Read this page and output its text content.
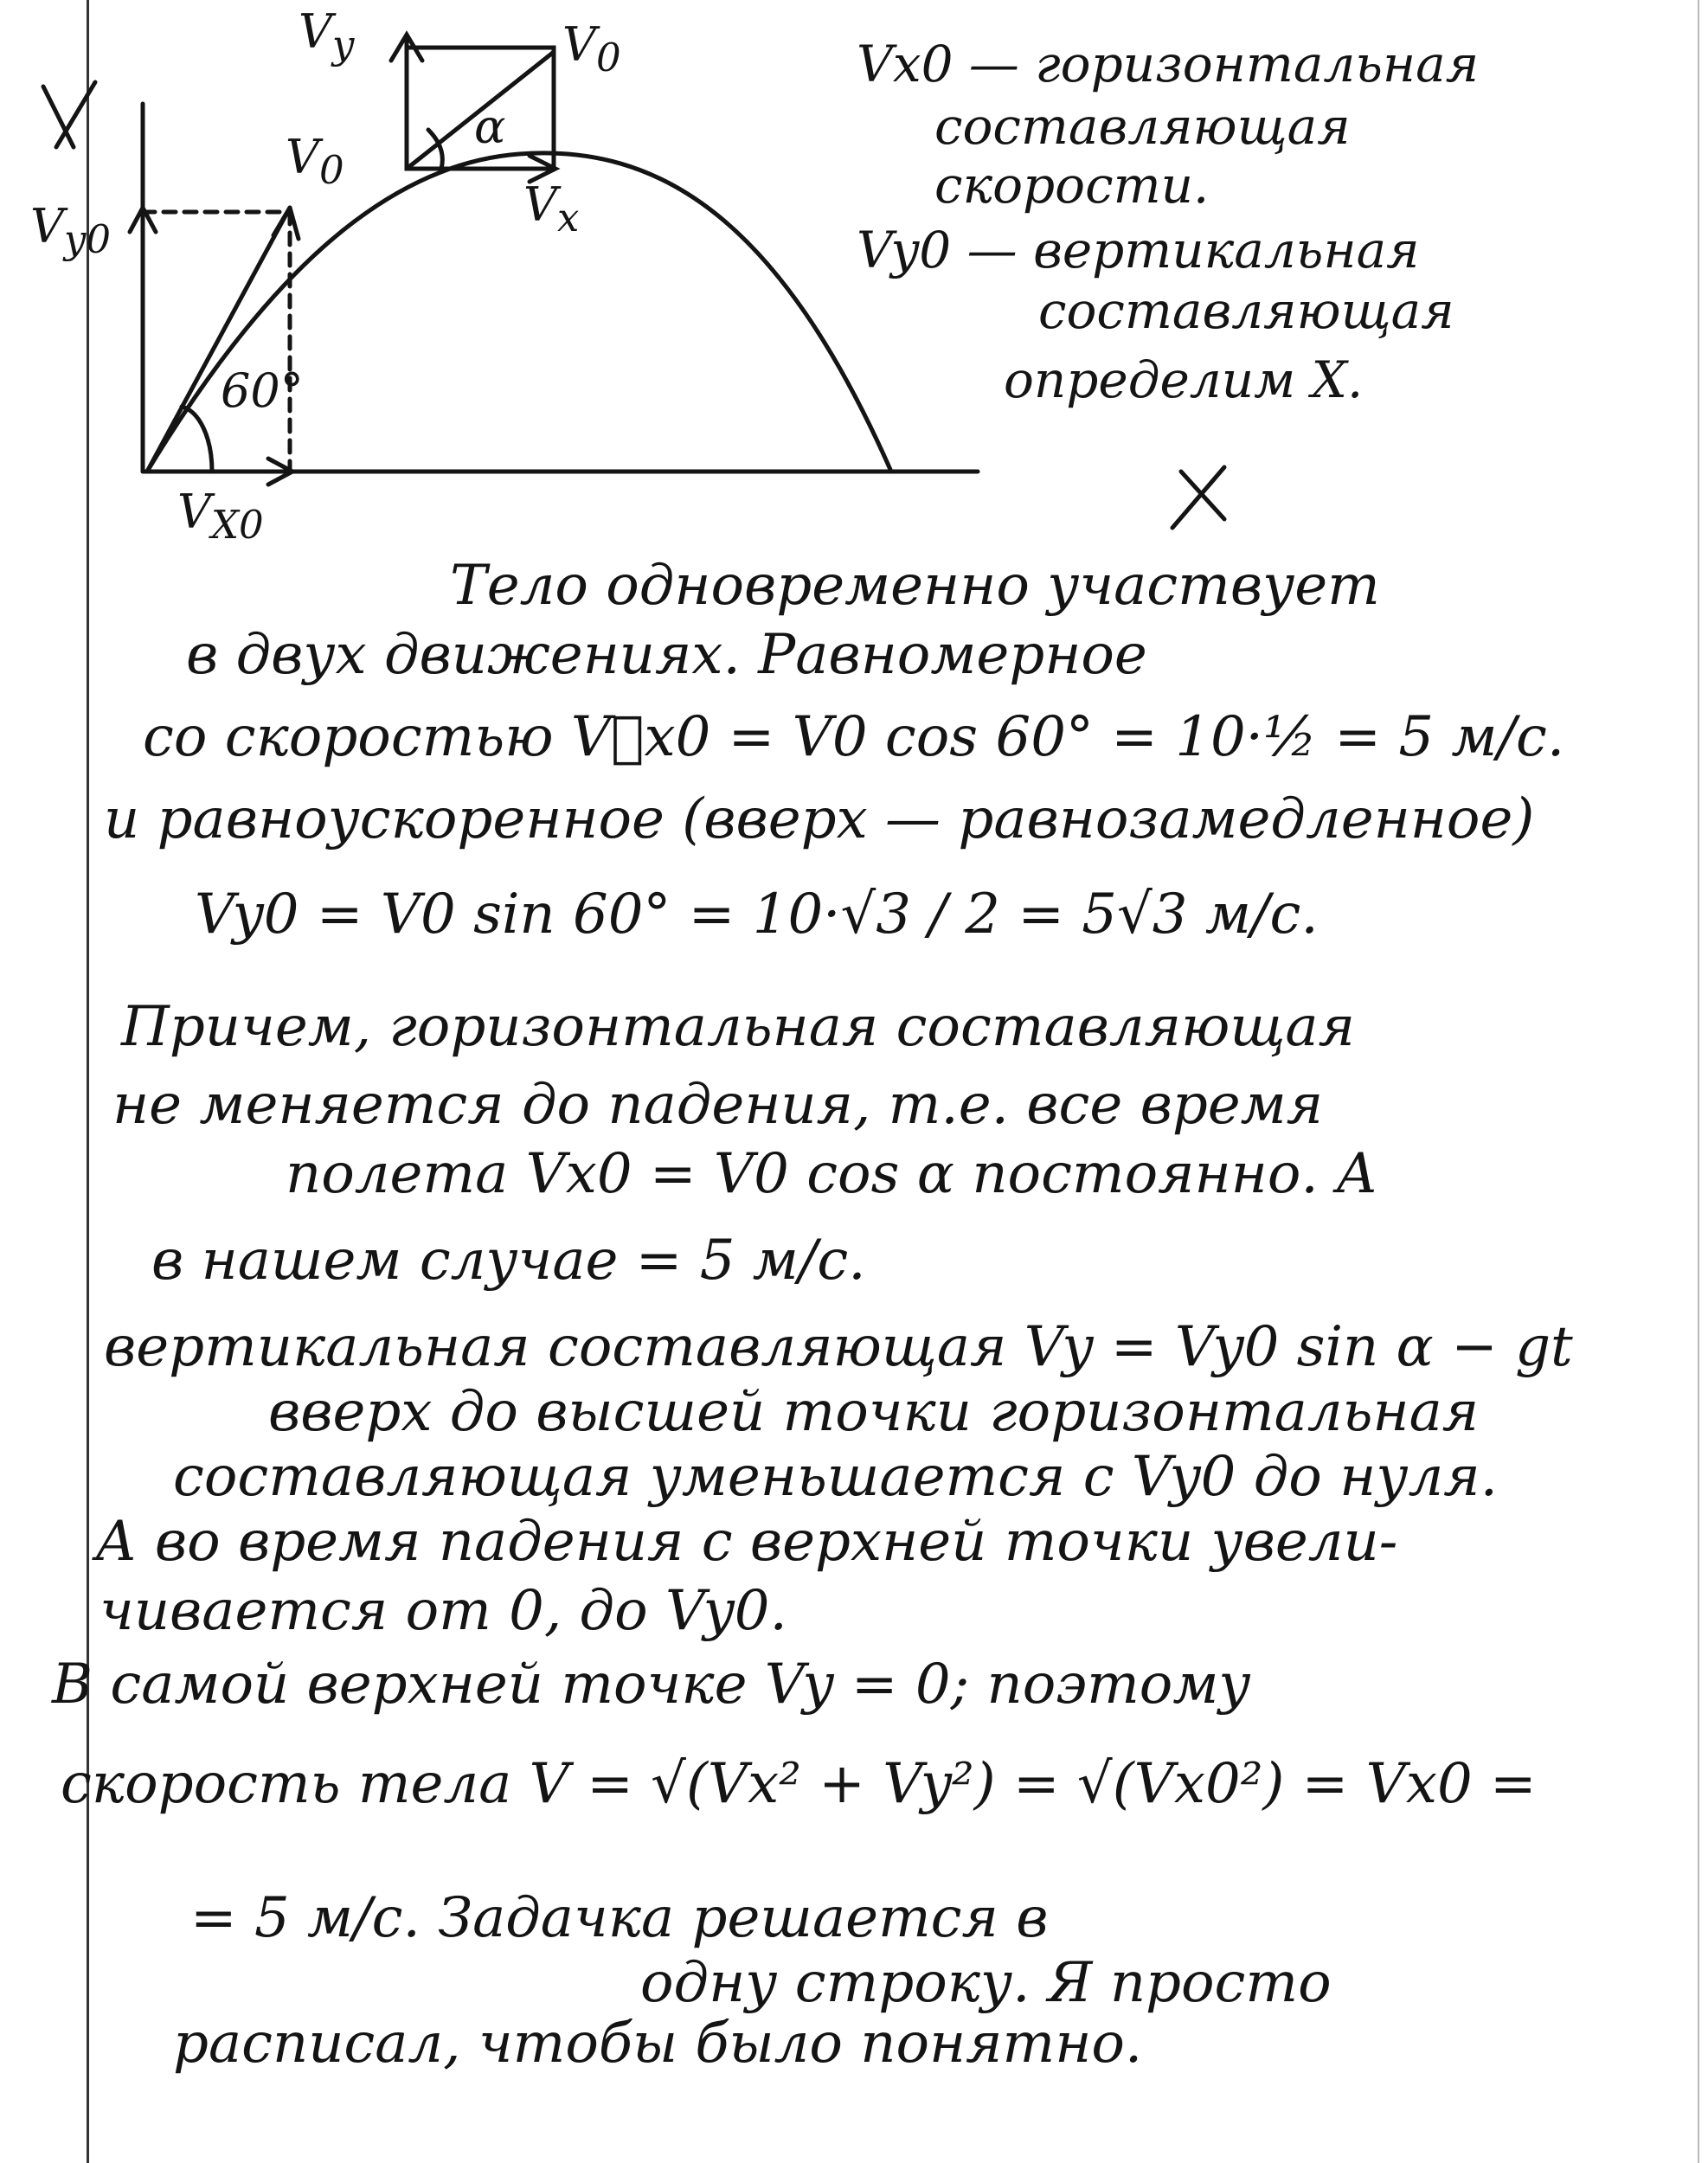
$V_y$	$V_0$
α
$V_x$
$V_0$
$V_{y0}$
60°
$V_{X0}$
Vx0 — горизонтальная
составляющая
скорости.
Vy0 — вертикальная
составляющая
определим X.
Тело одновременно участвует
в двух движениях. Равномерное
со скоростью V⃗x0 = V0 cos 60° = 10·½ = 5 м/с.
и равноускоренное (вверх — равнозамедленное)
Vy0 = V0 sin 60° = 10·√3 / 2 = 5√3 м/с.
Причем, горизонтальная составляющая
не меняется до падения, т.е. все время
полета Vx0 = V0 cos α постоянно. А
в нашем случае = 5 м/с.
вертикальная составляющая Vy = Vy0 sin α − gt
вверх до высшей точки горизонтальная
составляющая уменьшается с Vy0 до нуля.
А во время падения с верхней точки увели-
чивается от 0, до Vy0.
В самой верхней точке Vy = 0; поэтому
скорость тела V = √(Vx² + Vy²) = √(Vx0²) = Vx0 =
= 5 м/с. Задачка решается в
одну строку. Я просто
расписал, чтобы было понятно.
